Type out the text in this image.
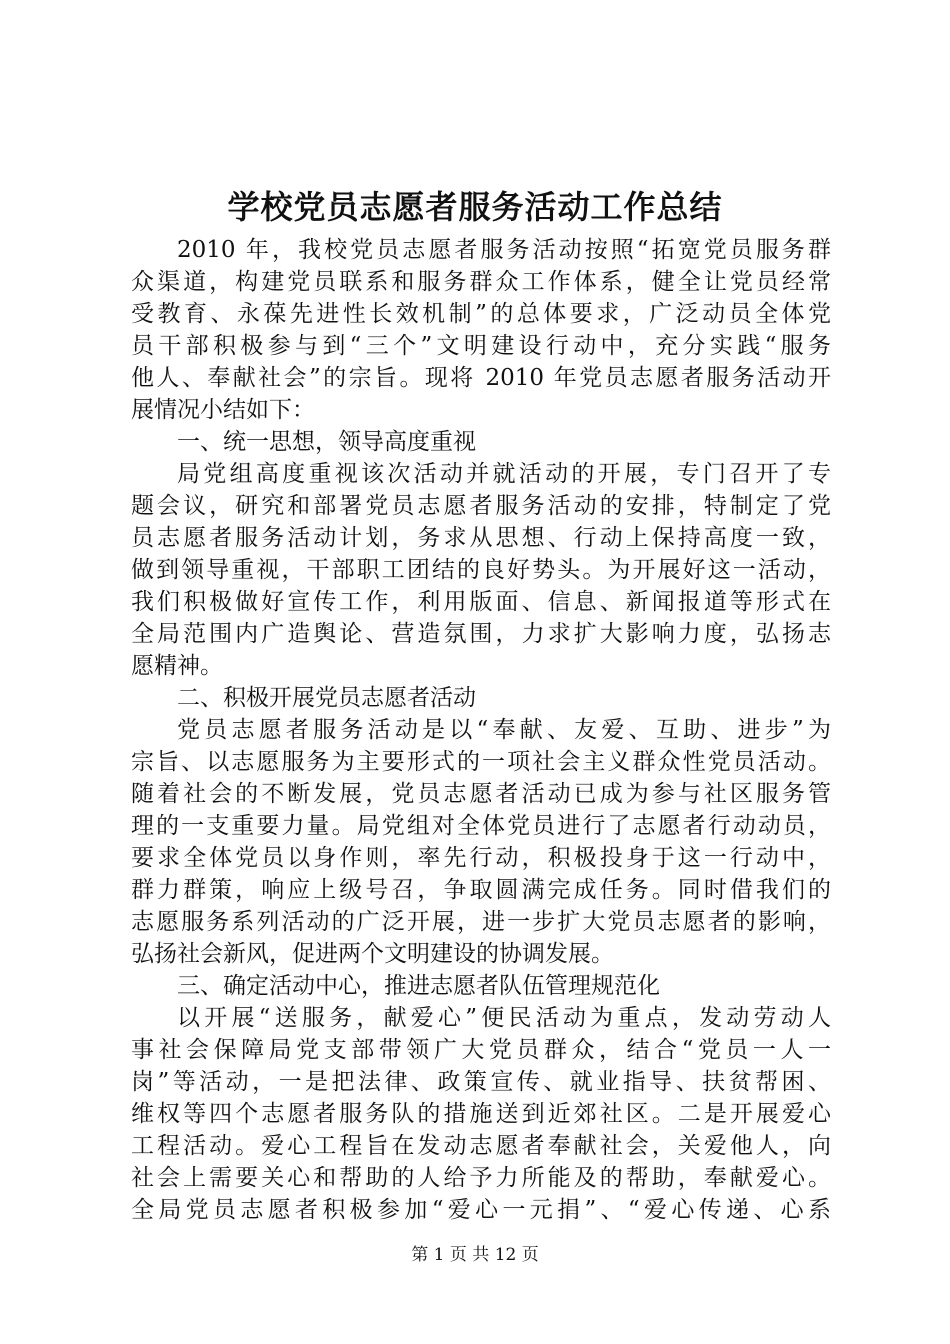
学校党员志愿者服务活动工作总结
2010 年，我校党员志愿者服务活动按照“拓宽党员服务群
众渠道，构建党员联系和服务群众工作体系，健全让党员经常
受教育、永葆先进性长效机制”的总体要求，广泛动员全体党
员干部积极参与到“三个”文明建设行动中，充分实践“服务
他人、奉献社会”的宗旨。现将 2010 年党员志愿者服务活动开
展情况小结如下：
一、统一思想，领导高度重视
局党组高度重视该次活动并就活动的开展，专门召开了专
题会议，研究和部署党员志愿者服务活动的安排，特制定了党
员志愿者服务活动计划，务求从思想、行动上保持高度一致，
做到领导重视，干部职工团结的良好势头。为开展好这一活动，
我们积极做好宣传工作，利用版面、信息、新闻报道等形式在
全局范围内广造舆论、营造氛围，力求扩大影响力度，弘扬志
愿精神。
二、积极开展党员志愿者活动
党员志愿者服务活动是以“奉献、友爱、互助、进步”为
宗旨、以志愿服务为主要形式的一项社会主义群众性党员活动。
随着社会的不断发展，党员志愿者活动已成为参与社区服务管
理的一支重要力量。局党组对全体党员进行了志愿者行动动员，
要求全体党员以身作则，率先行动，积极投身于这一行动中，
群力群策，响应上级号召，争取圆满完成任务。同时借我们的
志愿服务系列活动的广泛开展，进一步扩大党员志愿者的影响，
弘扬社会新风，促进两个文明建设的协调发展。
三、确定活动中心，推进志愿者队伍管理规范化
以开展“送服务，献爱心”便民活动为重点，发动劳动人
事社会保障局党支部带领广大党员群众，结合“党员一人一
岗”等活动，一是把法律、政策宣传、就业指导、扶贫帮困、
维权等四个志愿者服务队的措施送到近郊社区。二是开展爱心
工程活动。爱心工程旨在发动志愿者奉献社会，关爱他人，向
社会上需要关心和帮助的人给予力所能及的帮助，奉献爱心。
全局党员志愿者积极参加“爱心一元捐”、“爱心传递、心系

第 1 页 共 12 页
